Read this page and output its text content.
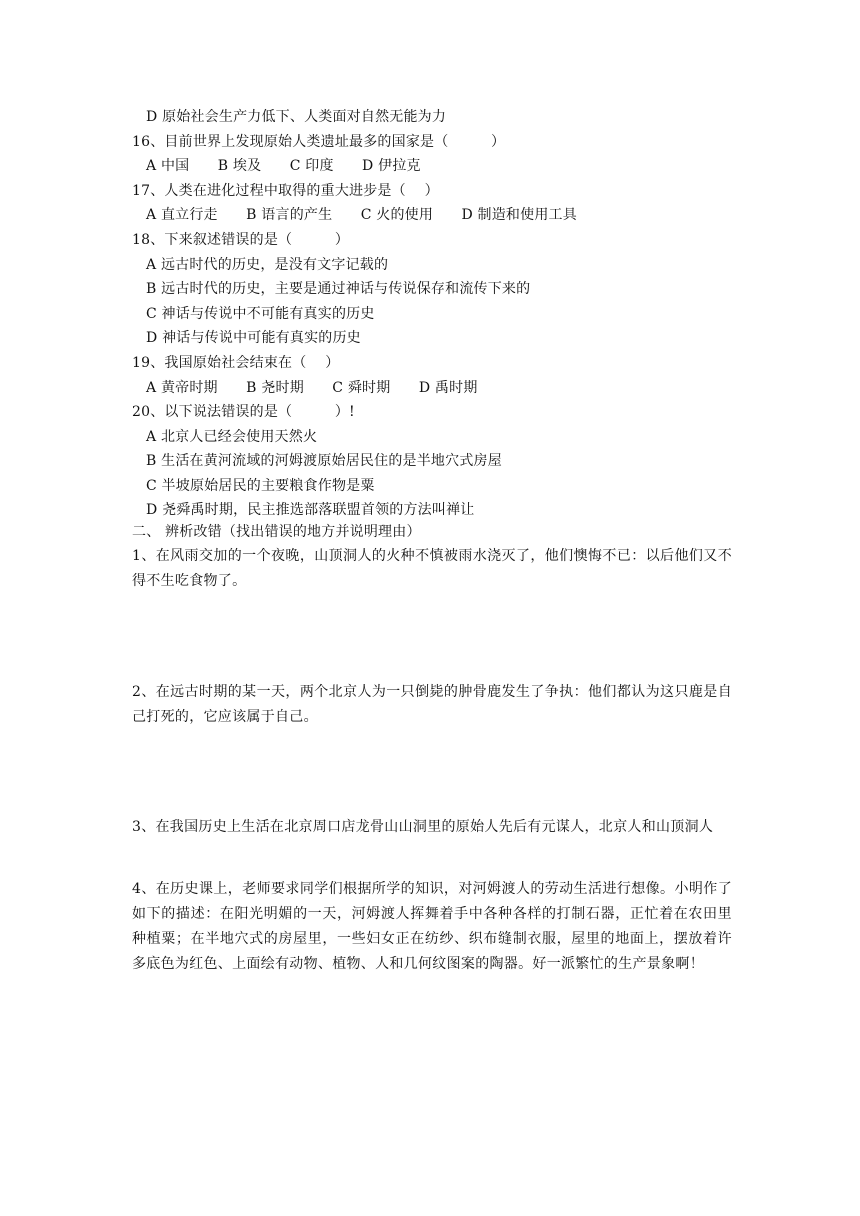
D 原始社会生产力低下、人类面对自然无能为力
16、目前世界上发现原始人类遗址最多的国家是（　　　）
A 中国　　B 埃及　　C 印度　　D 伊拉克
17、人类在进化过程中取得的重大进步是（　 ）
A 直立行走　　B 语言的产生　　C 火的使用　　D 制造和使用工具
18、下来叙述错误的是（　　　）
A 远古时代的历史，是没有文字记载的
B 远古时代的历史，主要是通过神话与传说保存和流传下来的
C 神话与传说中不可能有真实的历史
D 神话与传说中可能有真实的历史
19、我国原始社会结束在（　 ）
A 黄帝时期　　B 尧时期　　C 舜时期　　D 禹时期
20、以下说法错误的是（　　　）!
A 北京人已经会使用天然火
B 生活在黄河流域的河姆渡原始居民住的是半地穴式房屋
C 半坡原始居民的主要粮食作物是粟
D 尧舜禹时期，民主推选部落联盟首领的方法叫禅让
二、 辨析改错（找出错误的地方并说明理由）
1、在风雨交加的一个夜晚，山顶洞人的火种不慎被雨水浇灭了，他们懊悔不已：以后他们又不得不生吃食物了。
2、在远古时期的某一天，两个北京人为一只倒毙的肿骨鹿发生了争执：他们都认为这只鹿是自己打死的，它应该属于自己。
3、在我国历史上生活在北京周口店龙骨山山洞里的原始人先后有元谋人，北京人和山顶洞人
4、在历史课上，老师要求同学们根据所学的知识，对河姆渡人的劳动生活进行想像。小明作了如下的描述：在阳光明媚的一天，河姆渡人挥舞着手中各种各样的打制石器，正忙着在农田里种植粟；在半地穴式的房屋里，一些妇女正在纺纱、织布缝制衣服，屋里的地面上，摆放着许多底色为红色、上面绘有动物、植物、人和几何纹图案的陶器。好一派繁忙的生产景象啊！
